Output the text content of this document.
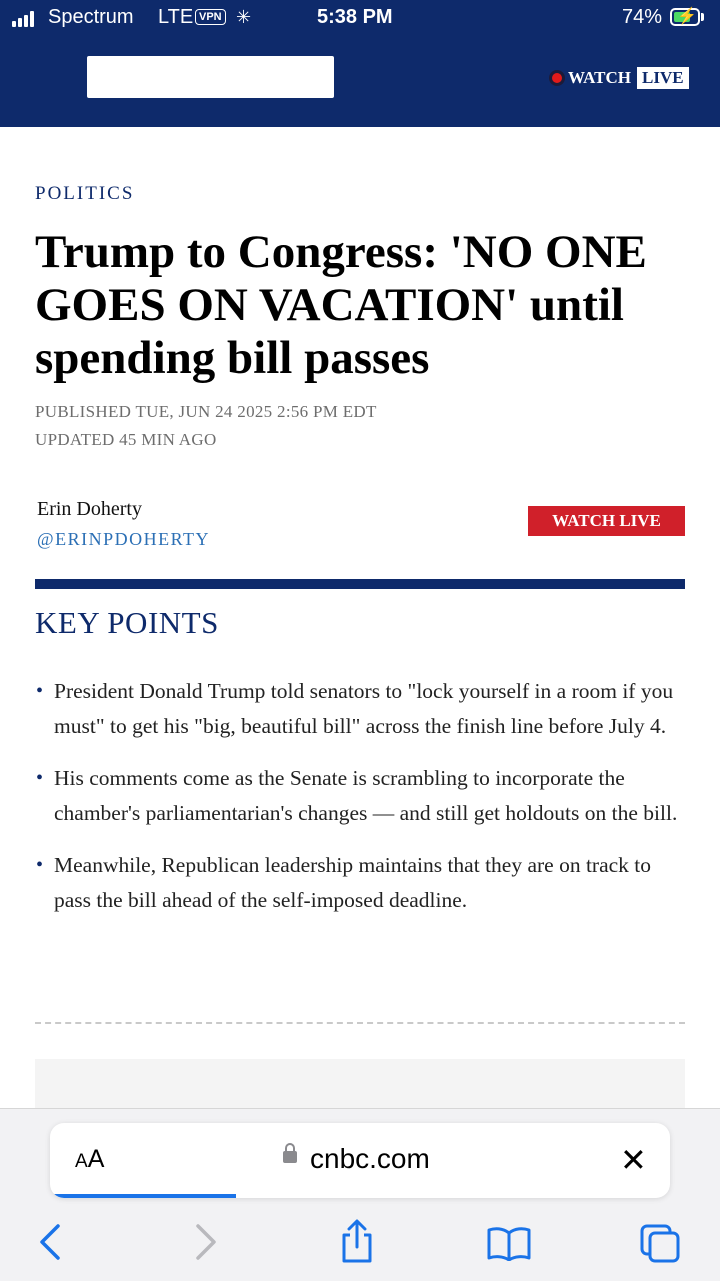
Spectrum LTE VPN ✳	5:38 PM	74% ⚡
WATCH LIVE
POLITICS
Trump to Congress: 'NO ONE GOES ON VACATION' until spending bill passes
PUBLISHED TUE, JUN 24 2025 2:56 PM EDT
UPDATED 45 MIN AGO
Erin Doherty
@ERINPDOHERTY
WATCH LIVE
KEY POINTS
• President Donald Trump told senators to "lock yourself in a room if you must" to get his "big, beautiful bill" across the finish line before July 4.
• His comments come as the Senate is scrambling to incorporate the chamber's parliamentarian's changes — and still get holdouts on the bill.
• Meanwhile, Republican leadership maintains that they are on track to pass the bill ahead of the self-imposed deadline.
AA	cnbc.com	✕
